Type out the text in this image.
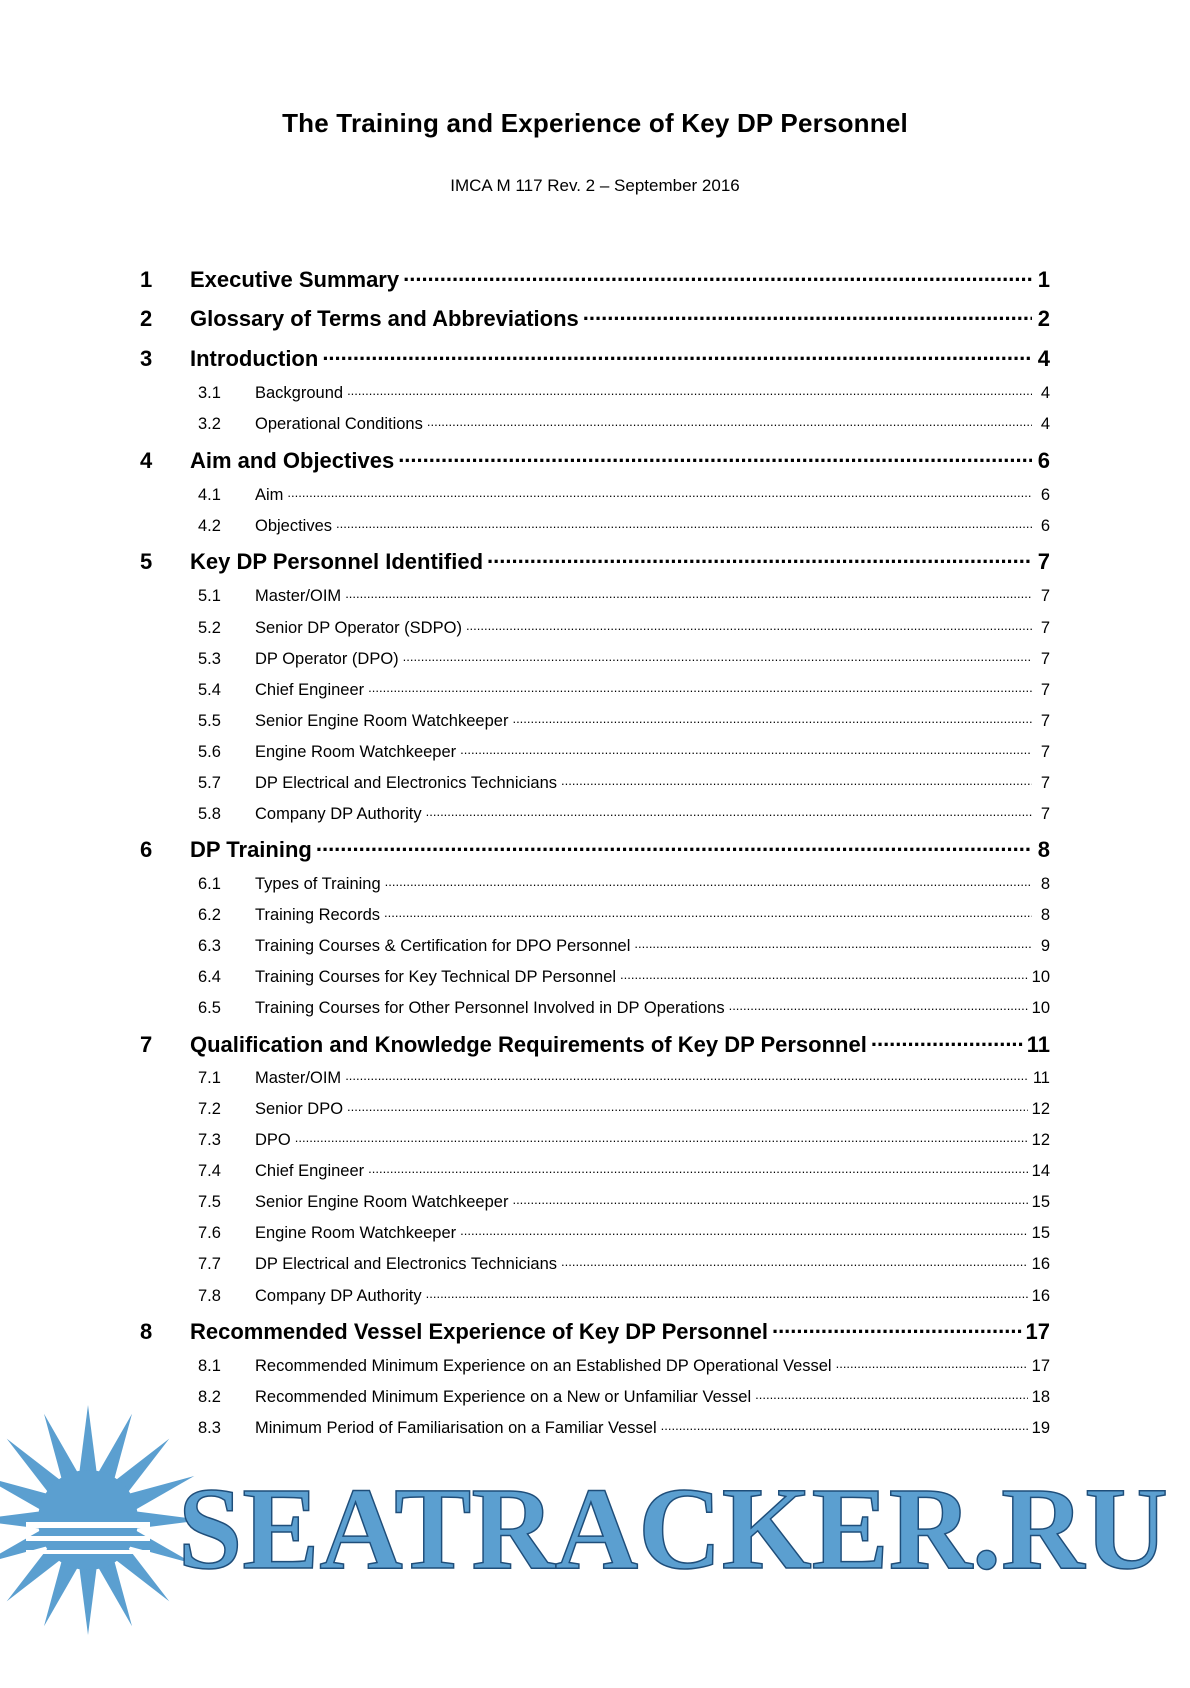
The Training and Experience of Key DP Personnel
IMCA M 117 Rev. 2 – September 2016
1	Executive Summary .....	1
2	Glossary of Terms and Abbreviations .....	2
3	Introduction .....	4
3.1	Background .....	4
3.2	Operational Conditions .....	4
4	Aim and Objectives .....	6
4.1	Aim .....	6
4.2	Objectives .....	6
5	Key DP Personnel Identified .....	7
5.1	Master/OIM .....	7
5.2	Senior DP Operator (SDPO) .....	7
5.3	DP Operator (DPO) .....	7
5.4	Chief Engineer .....	7
5.5	Senior Engine Room Watchkeeper .....	7
5.6	Engine Room Watchkeeper .....	7
5.7	DP Electrical and Electronics Technicians .....	7
5.8	Company DP Authority .....	7
6	DP Training .....	8
6.1	Types of Training .....	8
6.2	Training Records .....	8
6.3	Training Courses & Certification for DPO Personnel .....	9
6.4	Training Courses for Key Technical DP Personnel .....	10
6.5	Training Courses for Other Personnel Involved in DP Operations .....	10
7	Qualification and Knowledge Requirements of Key DP Personnel .....	11
7.1	Master/OIM .....	11
7.2	Senior DPO .....	12
7.3	DPO .....	12
7.4	Chief Engineer .....	14
7.5	Senior Engine Room Watchkeeper .....	15
7.6	Engine Room Watchkeeper .....	15
7.7	DP Electrical and Electronics Technicians .....	16
7.8	Company DP Authority .....	16
8	Recommended Vessel Experience of Key DP Personnel .....	17
8.1	Recommended Minimum Experience on an Established DP Operational Vessel .....	17
8.2	Recommended Minimum Experience on a New or Unfamiliar Vessel .....	18
8.3	Minimum Period of Familiarisation on a Familiar Vessel .....	19
SEATRACKER.RU
